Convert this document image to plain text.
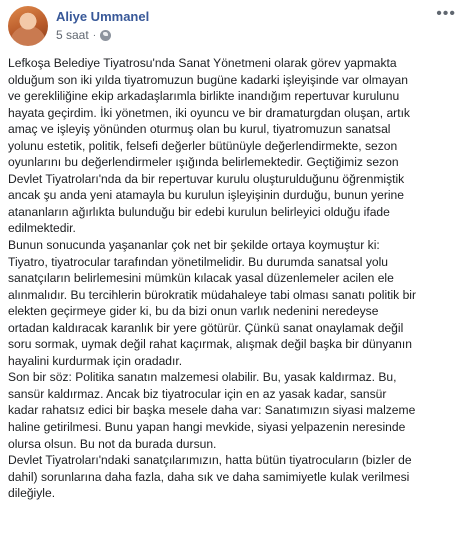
Aliye Ummanel
5 saat ·
•••

Lefkoşa Belediye Tiyatrosu'nda Sanat Yönetmeni olarak görev yapmakta
olduğum son iki yılda tiyatromuzun bugüne kadarki işleyişinde var olmayan
ve gerekliliğine ekip arkadaşlarımla birlikte inandığım repertuvar kurulunu
hayata geçirdim. İki yönetmen, iki oyuncu ve bir dramaturgdan oluşan, artık
amaç ve işleyiş yönünden oturmuş olan bu kurul, tiyatromuzun sanatsal
yolunu estetik, politik, felsefi değerler bütünüyle değerlendirmekte, sezon
oyunlarını bu değerlendirmeler ışığında belirlemektedir. Geçtiğimiz sezon
Devlet Tiyatroları'nda da bir repertuvar kurulu oluşturulduğunu öğrenmiştik
ancak şu anda yeni atamayla bu kurulun işleyişinin durduğu, bunun yerine
atananların ağırlıkta bulunduğu bir edebi kurulun belirleyici olduğu ifade
edilmektedir.

Bunun sonucunda yaşananlar çok net bir şekilde ortaya koymuştur ki:
Tiyatro, tiyatrocular tarafından yönetilmelidir. Bu durumda sanatsal yolu
sanatçıların belirlemesini mümkün kılacak yasal düzenlemeler acilen ele
alınmalıdır. Bu tercihlerin bürokratik müdahaleye tabi olması sanatı politik bir
elekten geçirmeye gider ki, bu da bizi onun varlık nedenini neredeyse
ortadan kaldıracak karanlık bir yere götürür. Çünkü sanat onaylamak değil
soru sormak, uymak değil rahat kaçırmak, alışmak değil başka bir dünyanın
hayalini kurdurmak için oradadır.

Son bir söz: Politika sanatın malzemesi olabilir. Bu, yasak kaldırmaz. Bu,
sansür kaldırmaz. Ancak biz tiyatrocular için en az yasak kadar, sansür
kadar rahatsız edici bir başka mesele daha var: Sanatımızın siyasi malzeme
haline getirilmesi. Bunu yapan hangi mevkide, siyasi yelpazenin neresinde
olursa olsun. Bu not da burada dursun.

Devlet Tiyatroları'ndaki sanatçılarımızın, hatta bütün tiyatrocuların (bizler de
dahil) sorunlarına daha fazla, daha sık ve daha samimiyetle kulak verilmesi
dileğiyle.
